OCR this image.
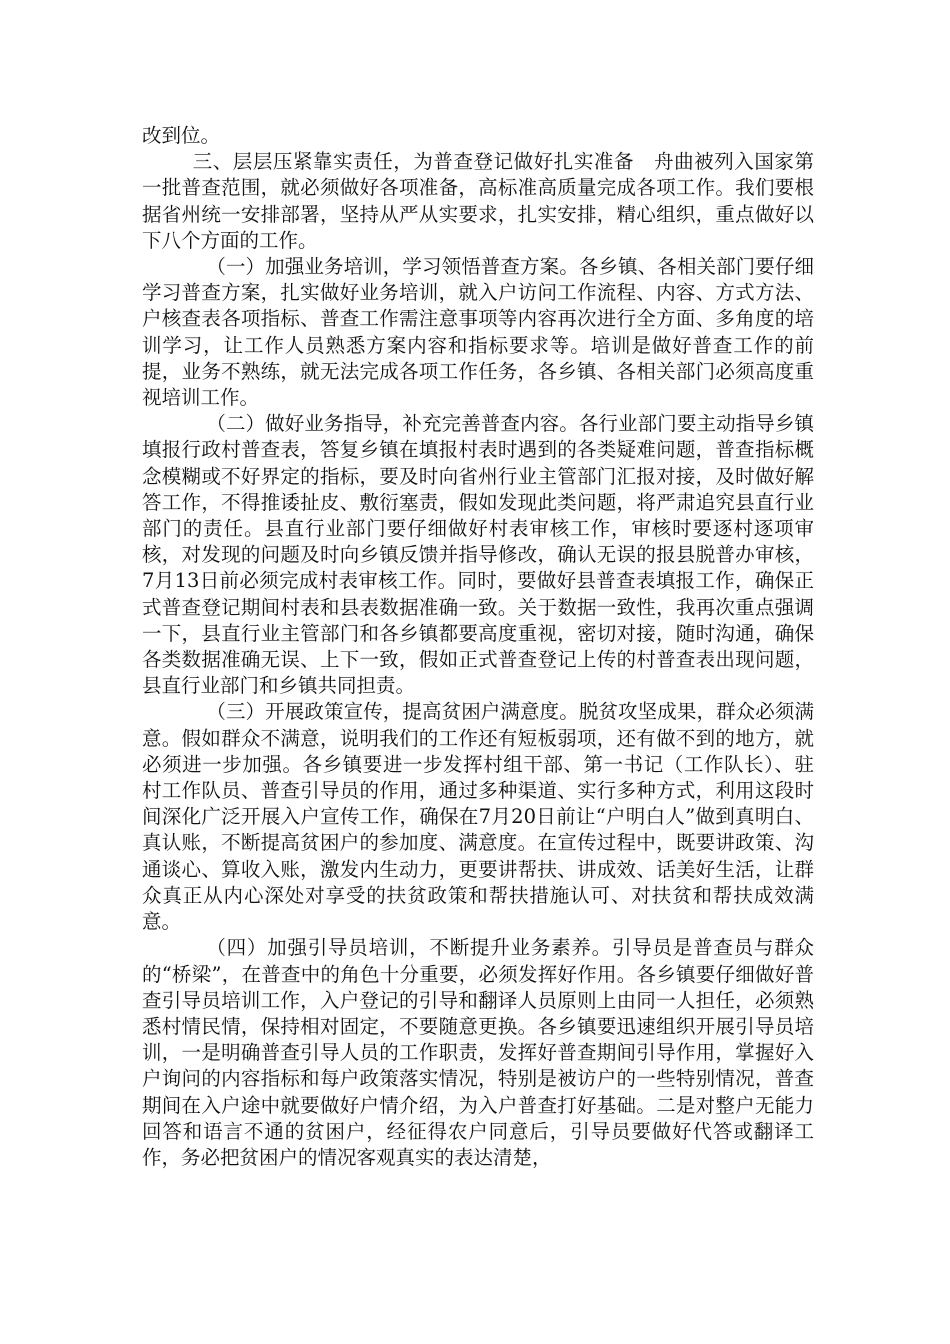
改到位。

三、层层压紧靠实责任，为普查登记做好扎实准备　舟曲被列入国家第一批普查范围，就必须做好各项准备，高标准高质量完成各项工作。我们要根据省州统一安排部署，坚持从严从实要求，扎实安排，精心组织，重点做好以下八个方面的工作。

（一）加强业务培训，学习领悟普查方案。各乡镇、各相关部门要仔细学习普查方案，扎实做好业务培训，就入户访问工作流程、内容、方式方法、户核查表各项指标、普查工作需注意事项等内容再次进行全方面、多角度的培训学习，让工作人员熟悉方案内容和指标要求等。培训是做好普查工作的前提，业务不熟练，就无法完成各项工作任务，各乡镇、各相关部门必须高度重视培训工作。

（二）做好业务指导，补充完善普查内容。各行业部门要主动指导乡镇填报行政村普查表，答复乡镇在填报村表时遇到的各类疑难问题，普查指标概念模糊或不好界定的指标，要及时向省州行业主管部门汇报对接，及时做好解答工作，不得推诿扯皮、敷衍塞责，假如发现此类问题，将严肃追究县直行业部门的责任。县直行业部门要仔细做好村表审核工作，审核时要逐村逐项审核，对发现的问题及时向乡镇反馈并指导修改，确认无误的报县脱普办审核，7月13日前必须完成村表审核工作。同时，要做好县普查表填报工作，确保正式普查登记期间村表和县表数据准确一致。关于数据一致性，我再次重点强调一下，县直行业主管部门和各乡镇都要高度重视，密切对接，随时沟通，确保各类数据准确无误、上下一致，假如正式普查登记上传的村普查表出现问题，县直行业部门和乡镇共同担责。

（三）开展政策宣传，提高贫困户满意度。脱贫攻坚成果，群众必须满意。假如群众不满意，说明我们的工作还有短板弱项，还有做不到的地方，就必须进一步加强。各乡镇要进一步发挥村组干部、第一书记（工作队长）、驻村工作队员、普查引导员的作用，通过多种渠道、实行多种方式，利用这段时间深化广泛开展入户宣传工作，确保在7月20日前让“户明白人”做到真明白、真认账，不断提高贫困户的参加度、满意度。在宣传过程中，既要讲政策、沟通谈心、算收入账，激发内生动力，更要讲帮扶、讲成效、话美好生活，让群众真正从内心深处对享受的扶贫政策和帮扶措施认可、对扶贫和帮扶成效满意。

（四）加强引导员培训，不断提升业务素养。引导员是普查员与群众的“桥梁”，在普查中的角色十分重要，必须发挥好作用。各乡镇要仔细做好普查引导员培训工作，入户登记的引导和翻译人员原则上由同一人担任，必须熟悉村情民情，保持相对固定，不要随意更换。各乡镇要迅速组织开展引导员培训，一是明确普查引导人员的工作职责，发挥好普查期间引导作用，掌握好入户询问的内容指标和每户政策落实情况，特别是被访户的一些特别情况，普查期间在入户途中就要做好户情介绍，为入户普查打好基础。二是对整户无能力回答和语言不通的贫困户，经征得农户同意后，引导员要做好代答或翻译工作，务必把贫困户的情况客观真实的表达清楚，
